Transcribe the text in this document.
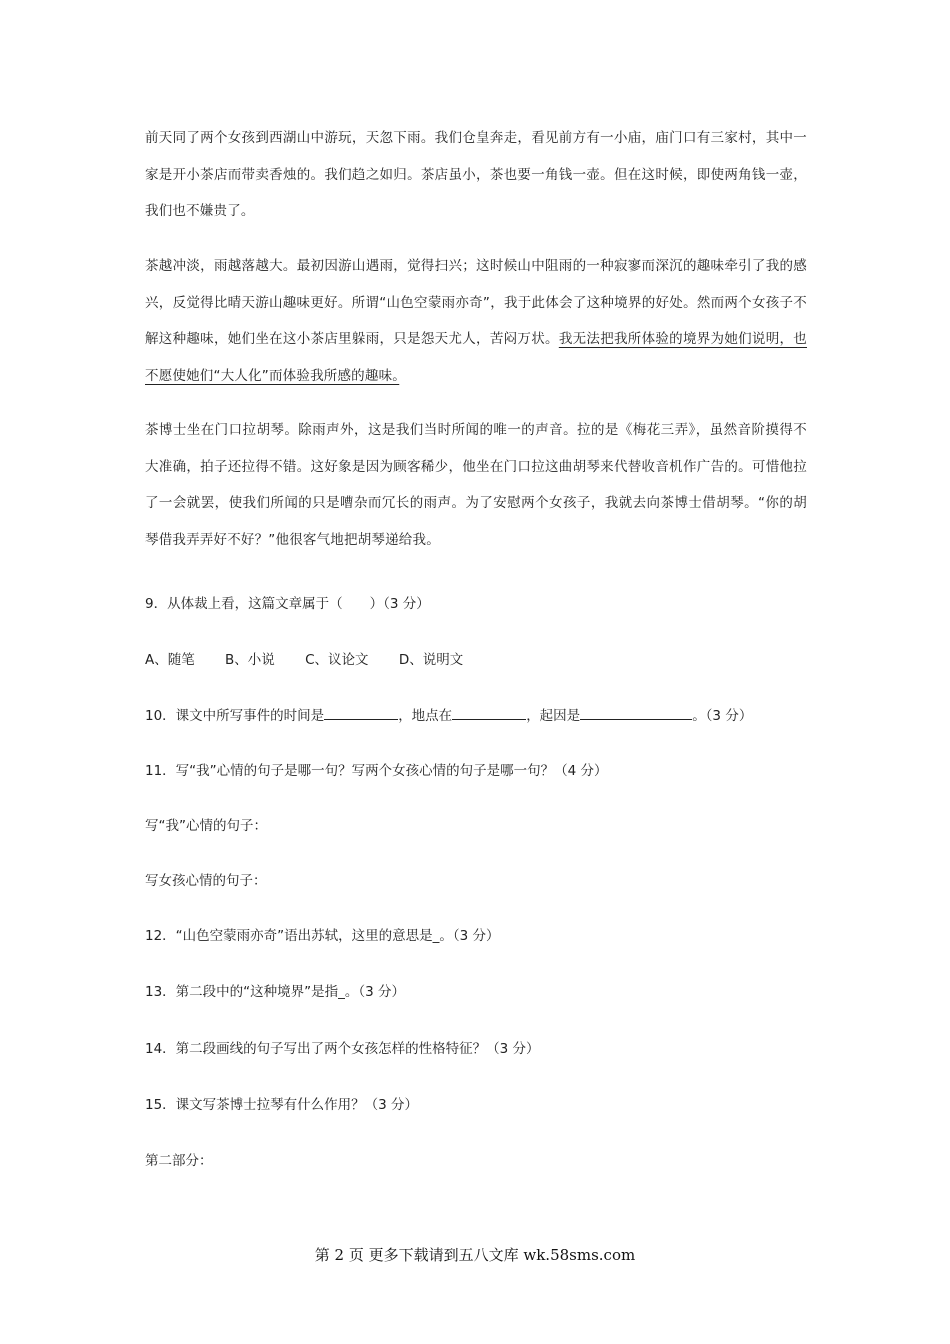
前天同了两个女孩到西湖山中游玩，天忽下雨。我们仓皇奔走，看见前方有一小庙，庙门口有三家村，其中一家是开小茶店而带卖香烛的。我们趋之如归。茶店虽小，茶也要一角钱一壶。但在这时候，即使两角钱一壶，我们也不嫌贵了。

茶越冲淡，雨越落越大。最初因游山遇雨，觉得扫兴；这时候山中阻雨的一种寂寥而深沉的趣味牵引了我的感兴，反觉得比晴天游山趣味更好。所谓“山色空蒙雨亦奇”，我于此体会了这种境界的好处。然而两个女孩子不解这种趣味，她们坐在这小茶店里躲雨，只是怨天尤人，苦闷万状。我无法把我所体验的境界为她们说明，也不愿使她们“大人化”而体验我所感的趣味。　

茶博士坐在门口拉胡琴。除雨声外，这是我们当时所闻的唯一的声音。拉的是《梅花三弄》，虽然音阶摸得不大准确，拍子还拉得不错。这好象是因为顾客稀少，他坐在门口拉这曲胡琴来代替收音机作广告的。可惜他拉了一会就罢，使我们所闻的只是嘈杂而冗长的雨声。为了安慰两个女孩子，我就去向茶博士借胡琴。“你的胡琴借我弄弄好不好？”他很客气地把胡琴递给我。

9．从体裁上看，这篇文章属于（　　）（3 分）

A、随笔 B、小说 C、议论文 D、说明文

10．课文中所写事件的时间是	，地点在	，起因是	。（3 分）

11．写“我”心情的句子是哪一句？写两个女孩心情的句子是哪一句？（4 分）

写“我”心情的句子：

写女孩心情的句子：

12．“山色空蒙雨亦奇”语出苏轼，这里的意思是_。（3 分）

13．第二段中的“这种境界”是指_。（3 分）

14．第二段画线的句子写出了两个女孩怎样的性格特征？（3 分）

15．课文写茶博士拉琴有什么作用？（3 分）

第二部分：

第 2 页 更多下载请到五八文库 wk.58sms.com
